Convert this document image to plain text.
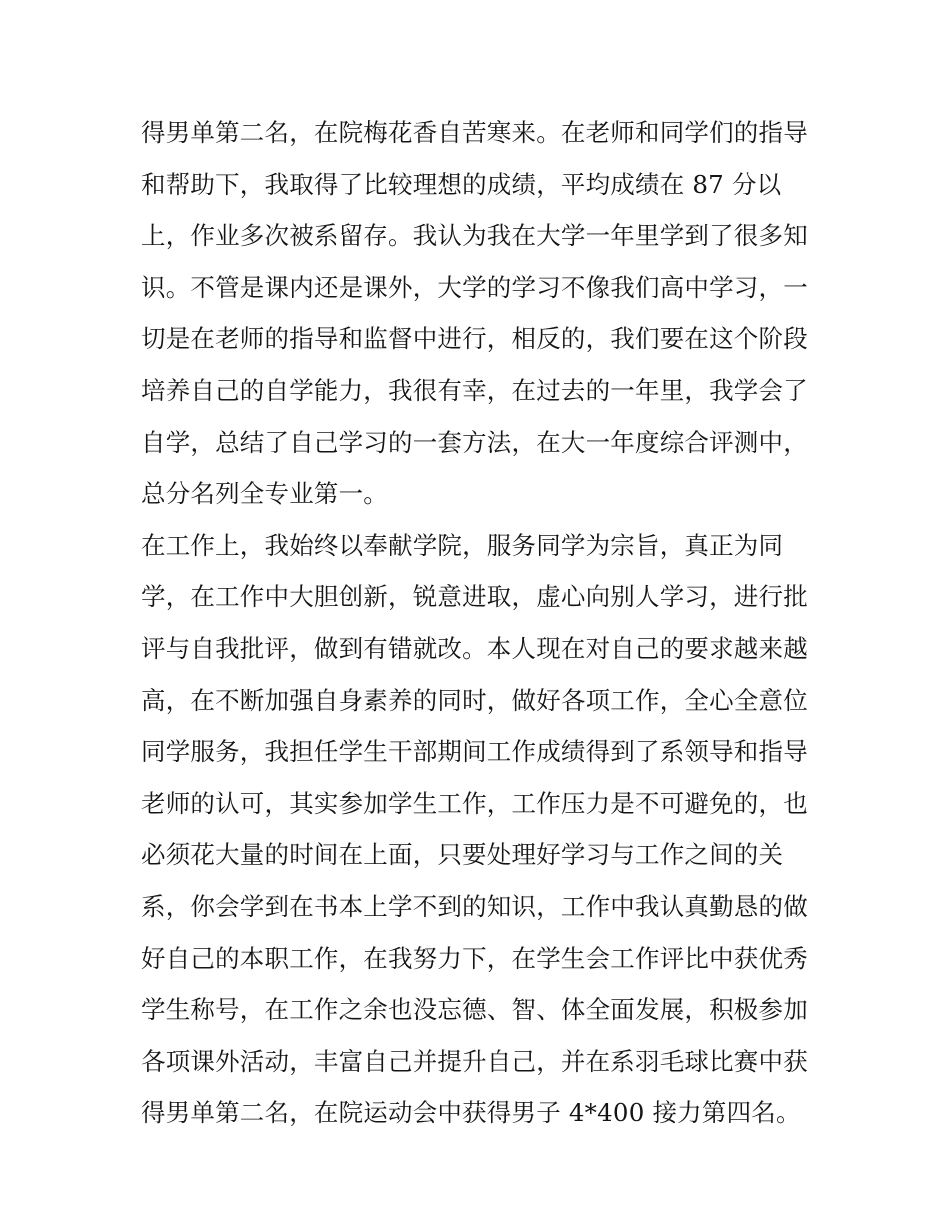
得男单第二名，在院梅花香自苦寒来。在老师和同学们的指导
和帮助下，我取得了比较理想的成绩，平均成绩在 87 分以
上，作业多次被系留存。我认为我在大学一年里学到了很多知
识。不管是课内还是课外，大学的学习不像我们高中学习，一
切是在老师的指导和监督中进行，相反的，我们要在这个阶段
培养自己的自学能力，我很有幸，在过去的一年里，我学会了
自学，总结了自己学习的一套方法，在大一年度综合评测中，
总分名列全专业第一。
在工作上，我始终以奉献学院，服务同学为宗旨，真正为同
学，在工作中大胆创新，锐意进取，虚心向别人学习，进行批
评与自我批评，做到有错就改。本人现在对自己的要求越来越
高，在不断加强自身素养的同时，做好各项工作，全心全意位
同学服务，我担任学生干部期间工作成绩得到了系领导和指导
老师的认可，其实参加学生工作，工作压力是不可避免的，也
必须花大量的时间在上面，只要处理好学习与工作之间的关
系，你会学到在书本上学不到的知识，工作中我认真勤恳的做
好自己的本职工作，在我努力下，在学生会工作评比中获优秀
学生称号，在工作之余也没忘德、智、体全面发展，积极参加
各项课外活动，丰富自己并提升自己，并在系羽毛球比赛中获
得男单第二名，在院运动会中获得男子 4*400 接力第四名。
